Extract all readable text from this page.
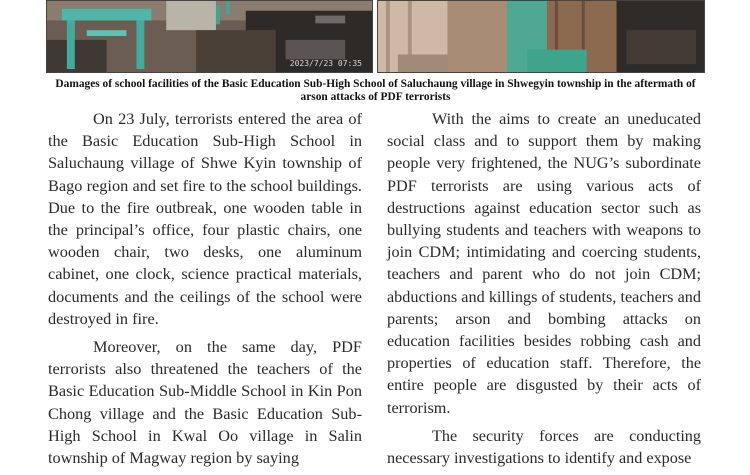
2023/7/23 07:35
Damages of school facilities of the Basic Education Sub-High School of Saluchaung village in Shwegyin township in the aftermath of arson attacks of PDF terrorists

On 23 July, terrorists entered the area of the Basic Education Sub-High School in Saluchaung village of Shwe Kyin township of Bago region and set fire to the school buildings. Due to the fire outbreak, one wooden table in the principal’s office, four plastic chairs, one wooden chair, two desks, one aluminum cabinet, one clock, science practical materials, documents and the ceilings of the school were destroyed in fire.

Moreover, on the same day, PDF terrorists also threatened the teachers of the Basic Education Sub-Middle School in Kin Pon Chong village and the Basic Education Sub-High School in Kwal Oo village in Salin township of Magway region by saying

With the aims to create an uneducated social class and to support them by making people very frightened, the NUG’s subordinate PDF terrorists are using various acts of destructions against education sector such as bullying students and teachers with weapons to join CDM; intimidating and coercing students, teachers and parent who do not join CDM; abductions and killings of students, teachers and parents; arson and bombing attacks on education facilities besides robbing cash and properties of education staff. Therefore, the entire people are disgusted by their acts of terrorism.

The security forces are conducting necessary investigations to identify and expose
